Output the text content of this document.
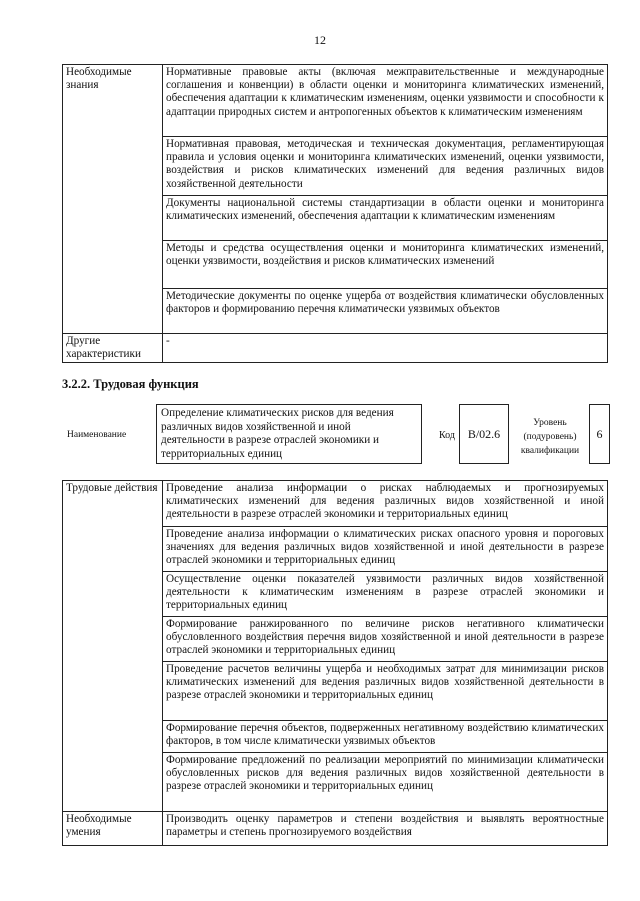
12
Необходимые знания	Нормативные правовые акты (включая межправительственные и международные соглашения и конвенции) в области оценки и мониторинга климатических изменений, обеспечения адаптации к климатическим изменениям, оценки уязвимости и способности к адаптации природных систем и антропогенных объектов к климатическим изменениям
	Нормативная правовая, методическая и техническая документация, регламентирующая правила и условия оценки и мониторинга климатических изменений, оценки уязвимости, воздействия и рисков климатических изменений для ведения различных видов хозяйственной деятельности
	Документы национальной системы стандартизации в области оценки и мониторинга климатических изменений, обеспечения адаптации к климатическим изменениям
	Методы и средства осуществления оценки и мониторинга климатических изменений, оценки уязвимости, воздействия и рисков климатических изменений
	Методические документы по оценке ущерба от воздействия климатически обусловленных факторов и формированию перечня климатически уязвимых объектов
Другие характеристики	-
3.2.2. Трудовая функция
Наименование
Определение климатических рисков для ведения различных видов хозяйственной и иной деятельности в разрезе отраслей экономики и территориальных единиц
Код	B/02.6
Уровень (подуровень) квалификации
6
Трудовые действия	Проведение анализа информации о рисках наблюдаемых и прогнозируемых климатических изменений для ведения различных видов хозяйственной и иной деятельности в разрезе отраслей экономики и территориальных единиц
	Проведение анализа информации о климатических рисках опасного уровня и пороговых значениях для ведения различных видов хозяйственной и иной деятельности в разрезе отраслей экономики и территориальных единиц
	Осуществление оценки показателей уязвимости различных видов хозяйственной деятельности к климатическим изменениям в разрезе отраслей экономики и территориальных единиц
	Формирование ранжированного по величине рисков негативного климатически обусловленного воздействия перечня видов хозяйственной и иной деятельности в разрезе отраслей экономики и территориальных единиц
	Проведение расчетов величины ущерба и необходимых затрат для минимизации рисков климатических изменений для ведения различных видов хозяйственной деятельности в разрезе отраслей экономики и территориальных единиц
	Формирование перечня объектов, подверженных негативному воздействию климатических факторов, в том числе климатически уязвимых объектов
	Формирование предложений по реализации мероприятий по минимизации климатически обусловленных рисков для ведения различных видов хозяйственной деятельности в разрезе отраслей экономики и территориальных единиц
Необходимые умения	Производить оценку параметров и степени воздействия и выявлять вероятностные параметры и степень прогнозируемого воздействия
